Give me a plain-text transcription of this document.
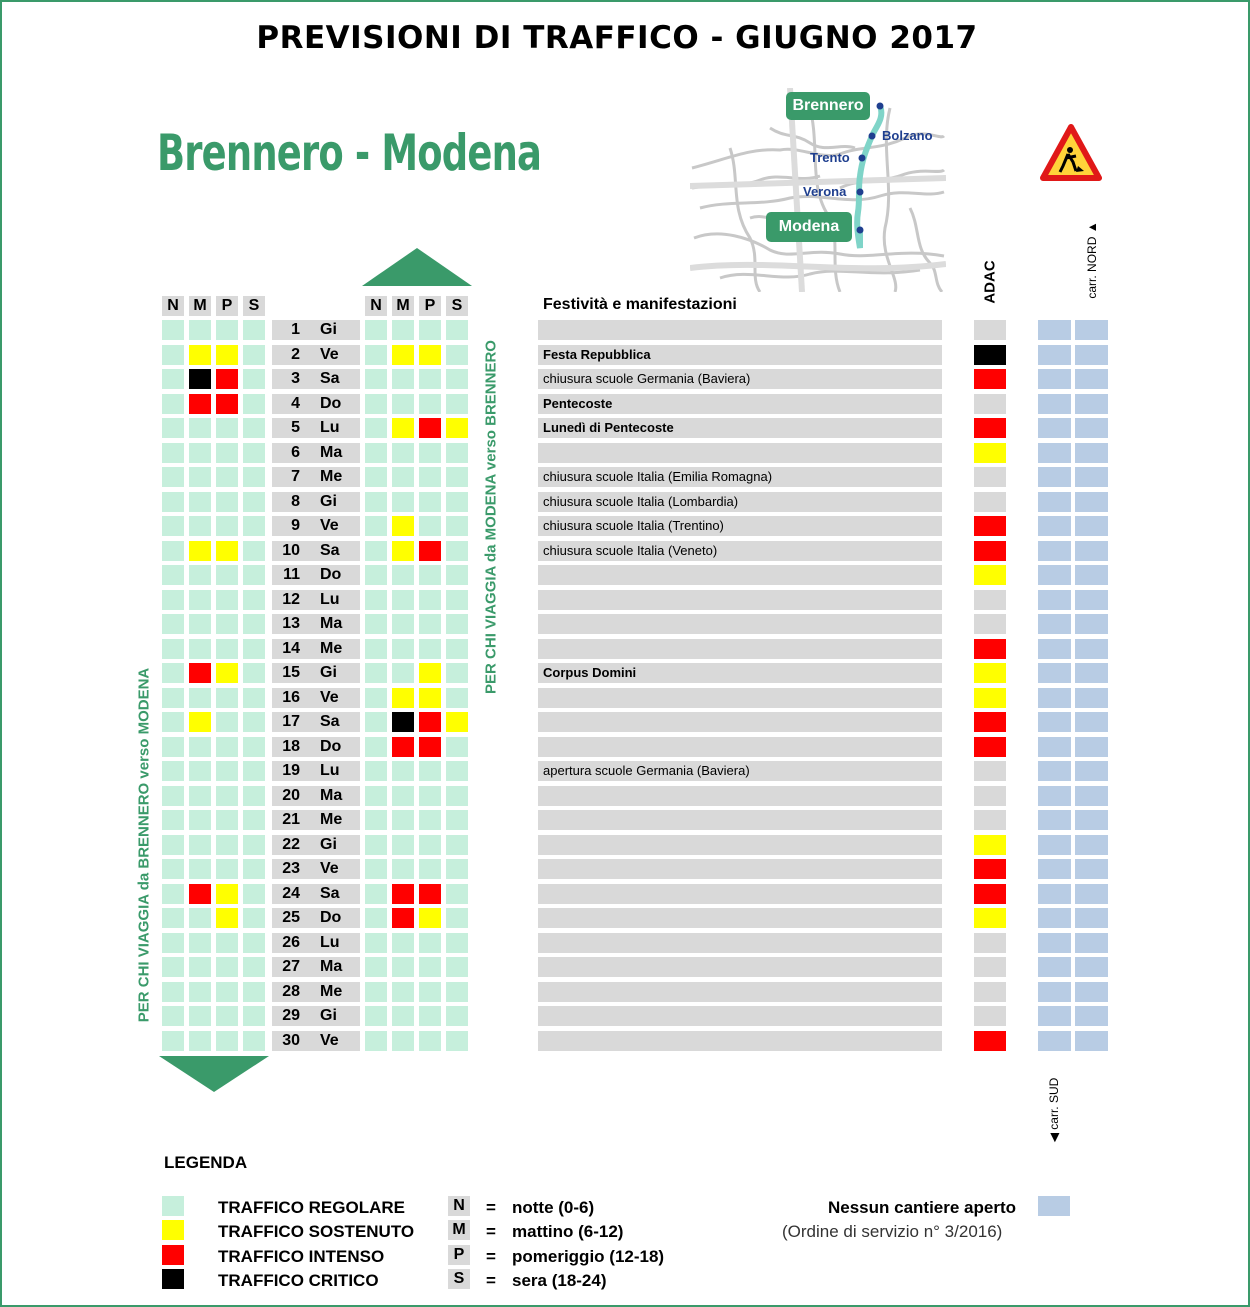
PREVISIONI DI TRAFFICO - GIUGNO 2017
Brennero - Modena
Brennero
Modena
Bolzano
Trento
Verona
Festività e manifestazioni
ADAC	carr. NORD ▲
◀ carr. SUD
PER CHI VIAGGIA da BRENNERO verso MODENA
PER CHI VIAGGIA da MODENA verso BRENNERO
LEGENDA
Nessun cantiere aperto
(Ordine di servizio n° 3/2016)
N	N
M	M
P	P
S	S
1 Gi
2 Ve	Festa Repubblica
3 Sa	chiusura scuole Germania (Baviera)
4 Do	Pentecoste
5 Lu	Lunedì di Pentecoste
6 Ma
7 Me	chiusura scuole Italia (Emilia Romagna)
8 Gi	chiusura scuole Italia (Lombardia)
9 Ve	chiusura scuole Italia (Trentino)
10 Sa	chiusura scuole Italia (Veneto)
11 Do
12 Lu
13 Ma
14 Me
15 Gi	Corpus Domini
16 Ve
17 Sa
18 Do
19 Lu	apertura scuole Germania (Baviera)
20 Ma
21 Me
22 Gi
23 Ve
24 Sa
25 Do
26 Lu
27 Ma
28 Me
29 Gi
30 Ve
TRAFFICO REGOLARE
TRAFFICO SOSTENUTO
TRAFFICO INTENSO
TRAFFICO CRITICO
N	= notte (0-6)
M = mattino (6-12)
P	= pomeriggio (12-18)
S	= sera (18-24)
